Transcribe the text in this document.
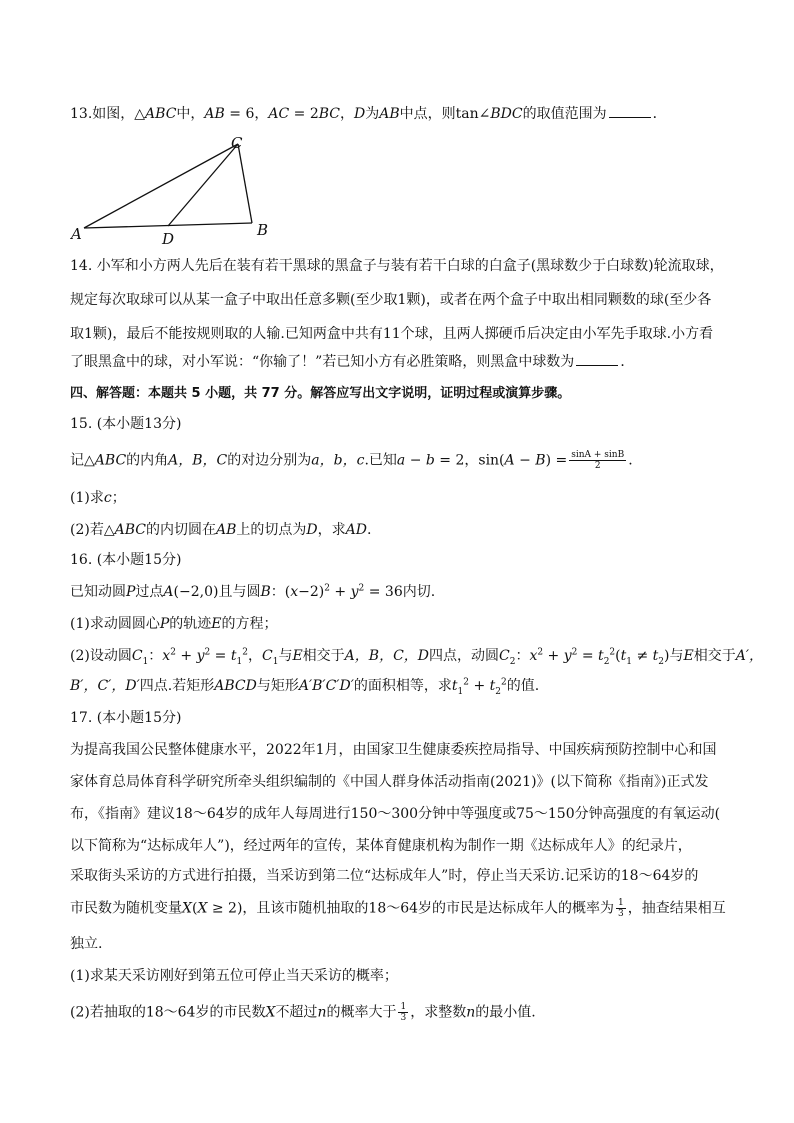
13.如图，△ABC中，AB = 6，AC = 2BC，D为AB中点，则tan∠BDC的取值范围为	．
C
A	D	B
14. 小军和小方两人先后在装有若干黑球的黑盒子与装有若干白球的白盒子(黑球数少于白球数)轮流取球，
规定每次取球可以从某一盒子中取出任意多颗(至少取1颗)，或者在两个盒子中取出相同颗数的球(至少各
取1颗)，最后不能按规则取的人输.已知两盒中共有11个球，且两人掷硬币后决定由小军先手取球.小方看
了眼黑盒中的球，对小军说：“你输了！”若已知小方有必胜策略，则黑盒中球数为	．
四、解答题：本题共 5 小题，共 77 分。解答应写出文字说明，证明过程或演算步骤。
15. (本小题13分)
记△ABC的内角A，B，C的对边分别为a，b，c.已知a − b = 2，$\sin(A - B) = \frac{\sin A + \sin B}{2}$ .
(1)求c；
(2)若△ABC的内切圆在AB上的切点为D，求AD.
16. (本小题15分)
已知动圆P过点A(−2,0)且与圆B：$(x-2)^2 + y^2 = 36$内切.
(1)求动圆圆心P的轨迹E的方程；
(2)设动圆$C_1$：$x^2 + y^2 = t_1^2$，$C_1$与E相交于A，B，C，D四点，动圆$C_2$：$x^2 + y^2 = t_2^2(t_1 \ne t_2)$与E相交于A′，
B′，C′，D′四点.若矩形ABCD与矩形A′B′C′D′的面积相等，求$t_1^2 + t_2^2$的值.
17. (本小题15分)
为提高我国公民整体健康水平，2022年1月，由国家卫生健康委疾控局指导、中国疾病预防控制中心和国
家体育总局体育科学研究所牵头组织编制的《中国人群身体活动指南(2021)》(以下简称《指南》)正式发
布，《指南》建议18～64岁的成年人每周进行150～300分钟中等强度或75～150分钟高强度的有氧运动(
以下简称为“达标成年人”)，经过两年的宣传，某体育健康机构为制作一期《达标成年人》的纪录片，
采取街头采访的方式进行拍摄，当采访到第二位“达标成年人”时，停止当天采访.记采访的18～64岁的
市民数为随机变量X(X ≥ 2)，且该市随机抽取的18～64岁的市民是达标成年人的概率为 $\frac{1}{3}$ ，抽查结果相互
独立.
(1)求某天采访刚好到第五位可停止当天采访的概率；
(2)若抽取的18～64岁的市民数X不超过n的概率大于 $\frac{1}{3}$ ，求整数n的最小值.
